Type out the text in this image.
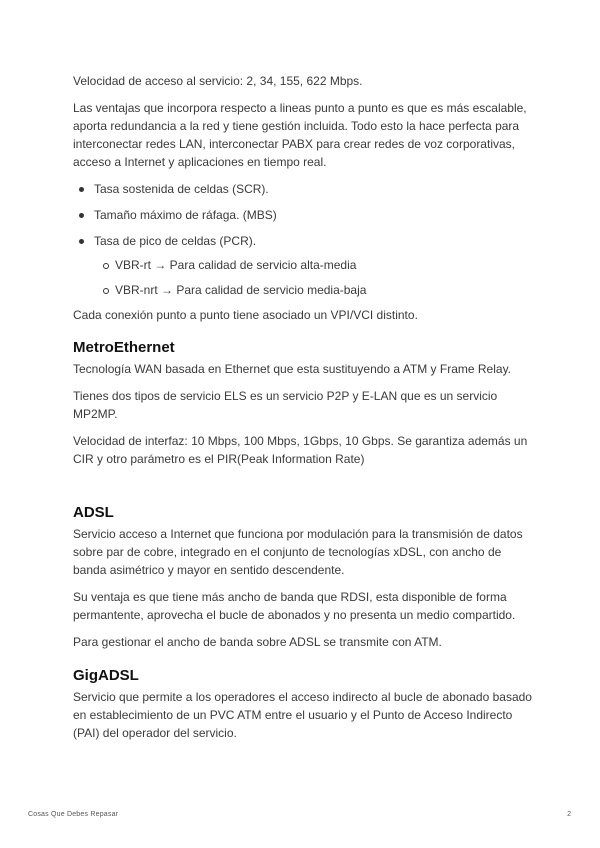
Velocidad de acceso al servicio: 2, 34, 155, 622 Mbps.

Las ventajas que incorpora respecto a lineas punto a punto es que es más escalable, aporta redundancia a la red y tiene gestión incluida. Todo esto la hace perfecta para interconectar redes LAN, interconectar PABX para crear redes de voz corporativas, acceso a Internet y aplicaciones en tiempo real.

Tasa sostenida de celdas (SCR).
Tamaño máximo de ráfaga. (MBS)
Tasa de pico de celdas (PCR).
VBR-rt → Para calidad de servicio alta-media
VBR-nrt → Para calidad de servicio media-baja

Cada conexión punto a punto tiene asociado un VPI/VCI distinto.

MetroEthernet

Tecnología WAN basada en Ethernet que esta sustituyendo a ATM y Frame Relay.

Tienes dos tipos de servicio ELS es un servicio P2P y E-LAN que es un servicio MP2MP.

Velocidad de interfaz: 10 Mbps, 100 Mbps, 1Gbps, 10 Gbps. Se garantiza además un CIR y otro parámetro es el PIR(Peak Information Rate)

ADSL

Servicio acceso a Internet que funciona por modulación para la transmisión de datos sobre par de cobre, integrado en el conjunto de tecnologías xDSL, con ancho de banda asimétrico y mayor en sentido descendente.

Su ventaja es que tiene más ancho de banda que RDSI, esta disponible de forma permantente, aprovecha el bucle de abonados y no presenta un medio compartido.

Para gestionar el ancho de banda sobre ADSL se transmite con ATM.

GigADSL

Servicio que permite a los operadores el acceso indirecto al bucle de abonado basado en establecimiento de un PVC ATM entre el usuario y el Punto de Acceso Indirecto (PAI) del operador del servicio.

Cosas Que Debes Repasar	2
